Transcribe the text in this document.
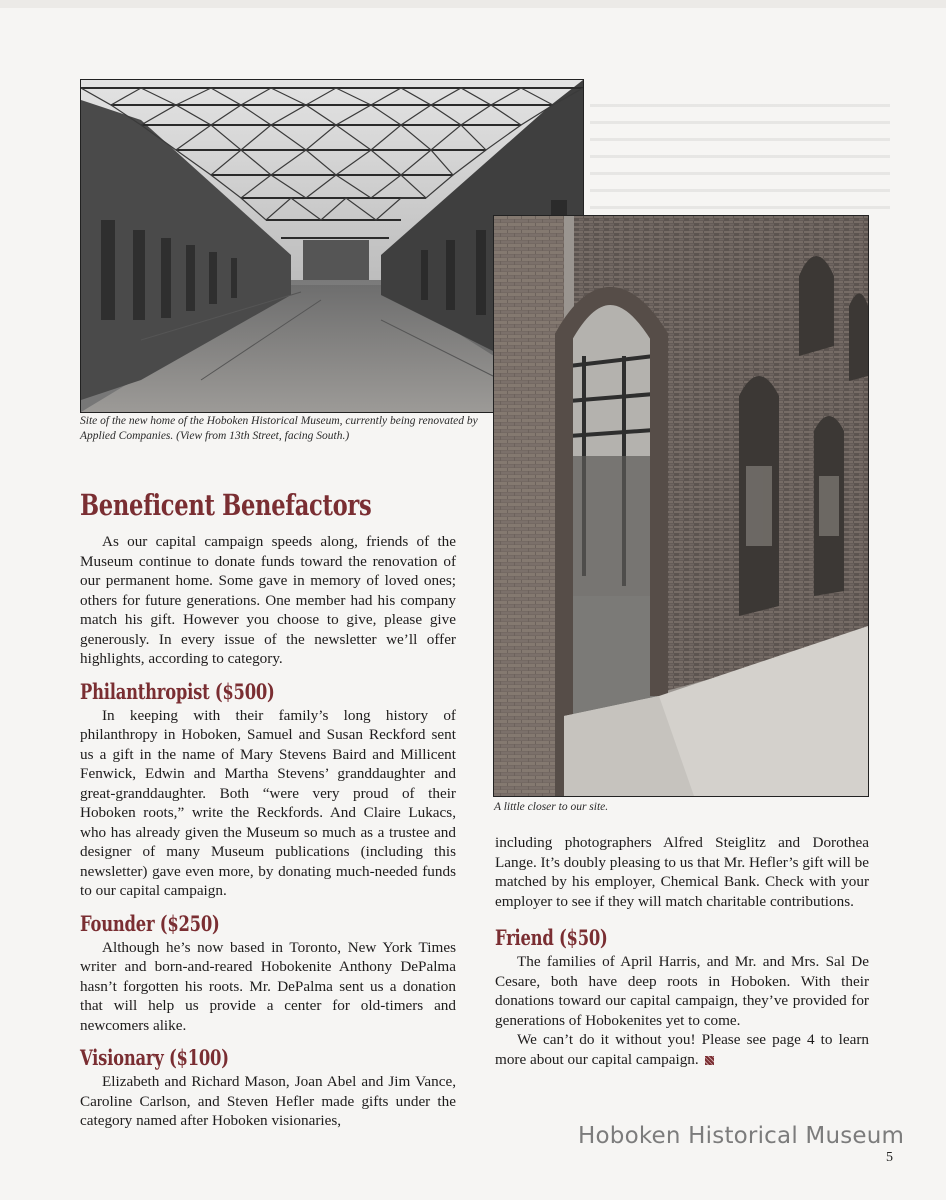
Site of the new home of the Hoboken Historical Museum, currently being renovated by Applied Companies. (View from 13th Street, facing South.)
A little closer to our site.
Beneficent Benefactors

As our capital campaign speeds along, friends of the Museum continue to donate funds toward the renovation of our permanent home. Some gave in memory of loved ones; others for future generations. One member had his company match his gift. However you choose to give, please give generously. In every issue of the newsletter we’ll offer highlights, according to category.

Philanthropist ($500)

In keeping with their family’s long history of philanthropy in Hoboken, Samuel and Susan Reckford sent us a gift in the name of Mary Stevens Baird and Millicent Fenwick, Edwin and Martha Stevens’ granddaughter and great-granddaughter. Both “were very proud of their Hoboken roots,” write the Reckfords. And Claire Lukacs, who has already given the Museum so much as a trustee and designer of many Museum publications (including this newsletter) gave even more, by donating much-needed funds to our capital campaign.

Founder ($250)

Although he’s now based in Toronto, New York Times writer and born-and-reared Hobokenite Anthony DePalma hasn’t forgotten his roots. Mr. DePalma sent us a donation that will help us provide a center for old-timers and newcomers alike.

Visionary ($100)

Elizabeth and Richard Mason, Joan Abel and Jim Vance, Caroline Carlson, and Steven Hefler made gifts under the category named after Hoboken visionaries,

including photographers Alfred Steiglitz and Dorothea Lange. It’s doubly pleasing to us that Mr. Hefler’s gift will be matched by his employer, Chemical Bank. Check with your employer to see if they will match charitable contributions.

Friend ($50)

The families of April Harris, and Mr. and Mrs. Sal De Cesare, both have deep roots in Hoboken. With their donations toward our capital campaign, they’ve provided for generations of Hobokenites yet to come.

We can’t do it without you! Please see page 4 to learn more about our capital campaign.

Hoboken Historical Museum
5
